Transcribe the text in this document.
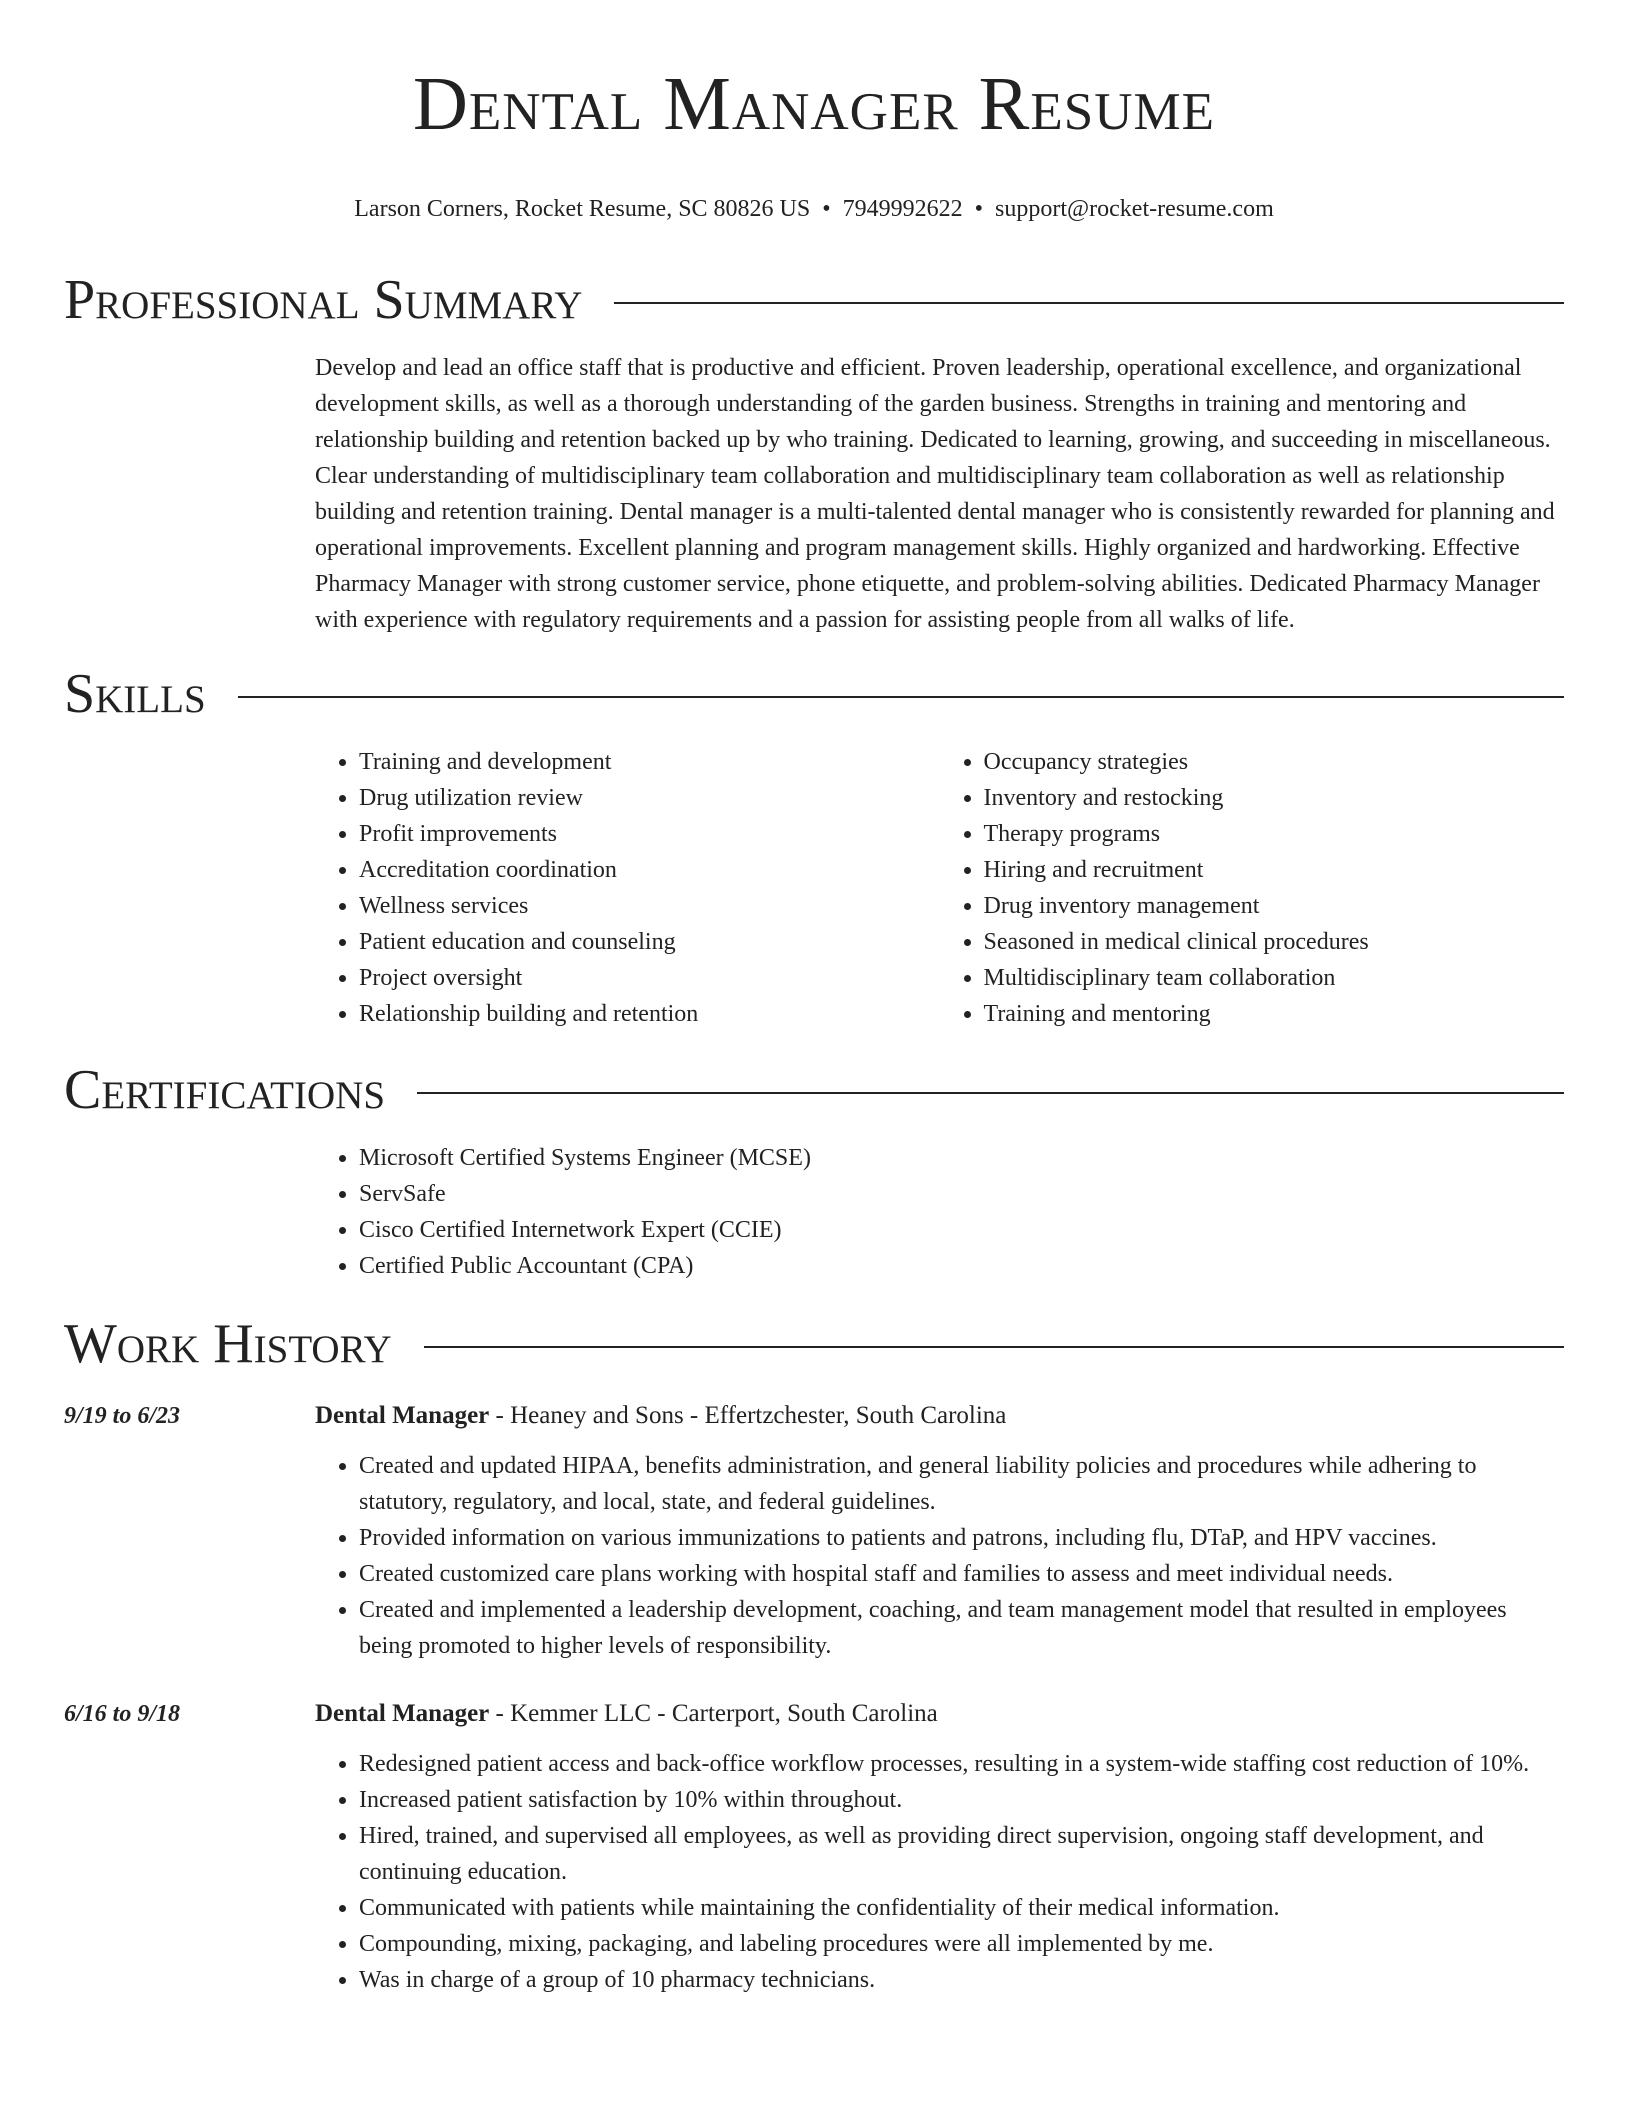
Dental Manager Resume
Larson Corners, Rocket Resume, SC 80826 US • 7949992622 • support@rocket-resume.com
Professional Summary

Develop and lead an office staff that is productive and efficient. Proven leadership, operational excellence, and organizational development skills, as well as a thorough understanding of the garden business. Strengths in training and mentoring and relationship building and retention backed up by who training. Dedicated to learning, growing, and succeeding in miscellaneous. Clear understanding of multidisciplinary team collaboration and multidisciplinary team collaboration as well as relationship building and retention training. Dental manager is a multi-talented dental manager who is consistently rewarded for planning and operational improvements. Excellent planning and program management skills. Highly organized and hardworking. Effective Pharmacy Manager with strong customer service, phone etiquette, and problem-solving abilities. Dedicated Pharmacy Manager with experience with regulatory requirements and a passion for assisting people from all walks of life.

Skills
• Training and development
• Drug utilization review
• Profit improvements
• Accreditation coordination
• Wellness services
• Patient education and counseling
• Project oversight
• Relationship building and retention
• Occupancy strategies
• Inventory and restocking
• Therapy programs
• Hiring and recruitment
• Drug inventory management
• Seasoned in medical clinical procedures
• Multidisciplinary team collaboration
• Training and mentoring
Certifications
• Microsoft Certified Systems Engineer (MCSE)
• ServSafe
• Cisco Certified Internetwork Expert (CCIE)
• Certified Public Accountant (CPA)
Work History
9/19 to 6/23	Dental Manager - Heaney and Sons - Effertzchester, South Carolina
• Created and updated HIPAA, benefits administration, and general liability policies and procedures while adhering to statutory, regulatory, and local, state, and federal guidelines.
• Provided information on various immunizations to patients and patrons, including flu, DTaP, and HPV vaccines.
• Created customized care plans working with hospital staff and families to assess and meet individual needs.
• Created and implemented a leadership development, coaching, and team management model that resulted in employees being promoted to higher levels of responsibility.
6/16 to 9/18	Dental Manager - Kemmer LLC - Carterport, South Carolina
• Redesigned patient access and back-office workflow processes, resulting in a system-wide staffing cost reduction of 10%.
• Increased patient satisfaction by 10% within throughout.
• Hired, trained, and supervised all employees, as well as providing direct supervision, ongoing staff development, and continuing education.
• Communicated with patients while maintaining the confidentiality of their medical information.
• Compounding, mixing, packaging, and labeling procedures were all implemented by me.
• Was in charge of a group of 10 pharmacy technicians.
